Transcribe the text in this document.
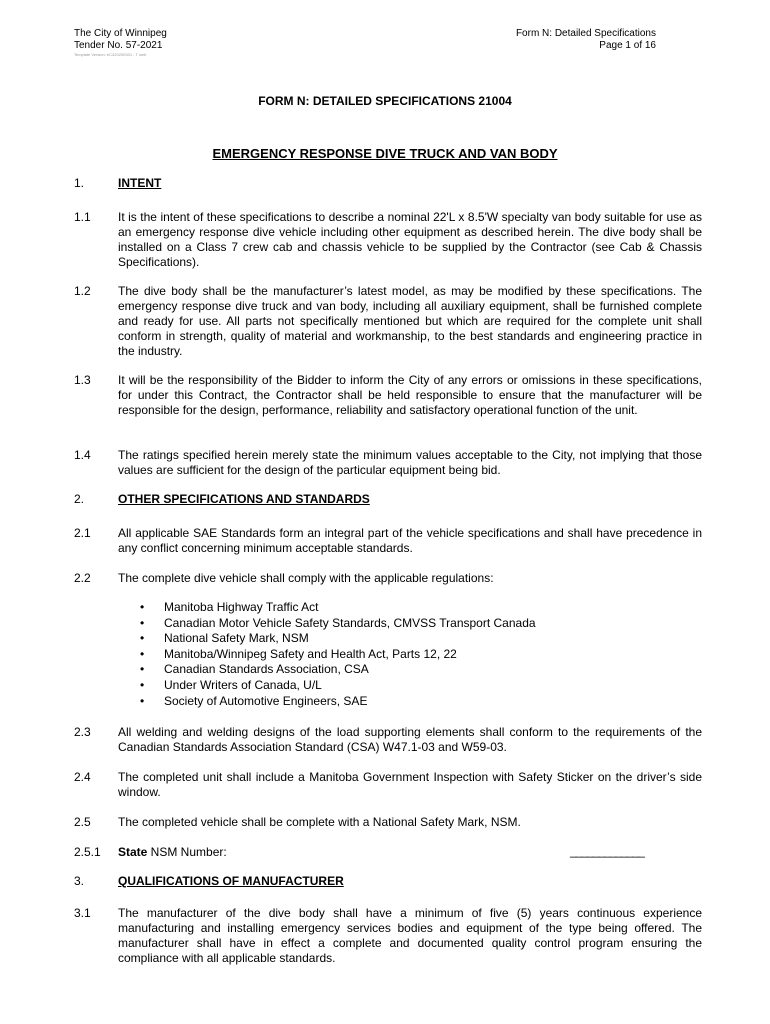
The City of Winnipeg
Tender No. 57-2021
Template Version: eC420200301 - T web
Form N: Detailed Specifications
Page 1 of 16
FORM N: DETAILED SPECIFICATIONS 21004
EMERGENCY RESPONSE DIVE TRUCK AND VAN BODY
1.	INTENT
1.1 It is the intent of these specifications to describe a nominal 22'L x 8.5'W specialty van body suitable for use as an emergency response dive vehicle including other equipment as described herein. The dive body shall be installed on a Class 7 crew cab and chassis vehicle to be supplied by the Contractor (see Cab & Chassis Specifications).
1.2 The dive body shall be the manufacturer’s latest model, as may be modified by these specifications. The emergency response dive truck and van body, including all auxiliary equipment, shall be furnished complete and ready for use. All parts not specifically mentioned but which are required for the complete unit shall conform in strength, quality of material and workmanship, to the best standards and engineering practice in the industry.
1.3 It will be the responsibility of the Bidder to inform the City of any errors or omissions in these specifications, for under this Contract, the Contractor shall be held responsible to ensure that the manufacturer will be responsible for the design, performance, reliability and satisfactory operational function of the unit.
1.4 The ratings specified herein merely state the minimum values acceptable to the City, not implying that those values are sufficient for the design of the particular equipment being bid.
2.	OTHER SPECIFICATIONS AND STANDARDS
2.1 All applicable SAE Standards form an integral part of the vehicle specifications and shall have precedence in any conflict concerning minimum acceptable standards.
2.2 The complete dive vehicle shall comply with the applicable regulations:
• Manitoba Highway Traffic Act
• Canadian Motor Vehicle Safety Standards, CMVSS Transport Canada
• National Safety Mark, NSM
• Manitoba/Winnipeg Safety and Health Act, Parts 12, 22
• Canadian Standards Association, CSA
• Under Writers of Canada, U/L
• Society of Automotive Engineers, SAE
2.3 All welding and welding designs of the load supporting elements shall conform to the requirements of the Canadian Standards Association Standard (CSA) W47.1-03 and W59-03.
2.4 The completed unit shall include a Manitoba Government Inspection with Safety Sticker on the driver’s side window.
2.5 The completed vehicle shall be complete with a National Safety Mark, NSM.
2.5.1 State NSM Number:	_____________
3.	QUALIFICATIONS OF MANUFACTURER
3.1 The manufacturer of the dive body shall have a minimum of five (5) years continuous experience manufacturing and installing emergency services bodies and equipment of the type being offered. The manufacturer shall have in effect a complete and documented quality control program ensuring the compliance with all applicable standards.
